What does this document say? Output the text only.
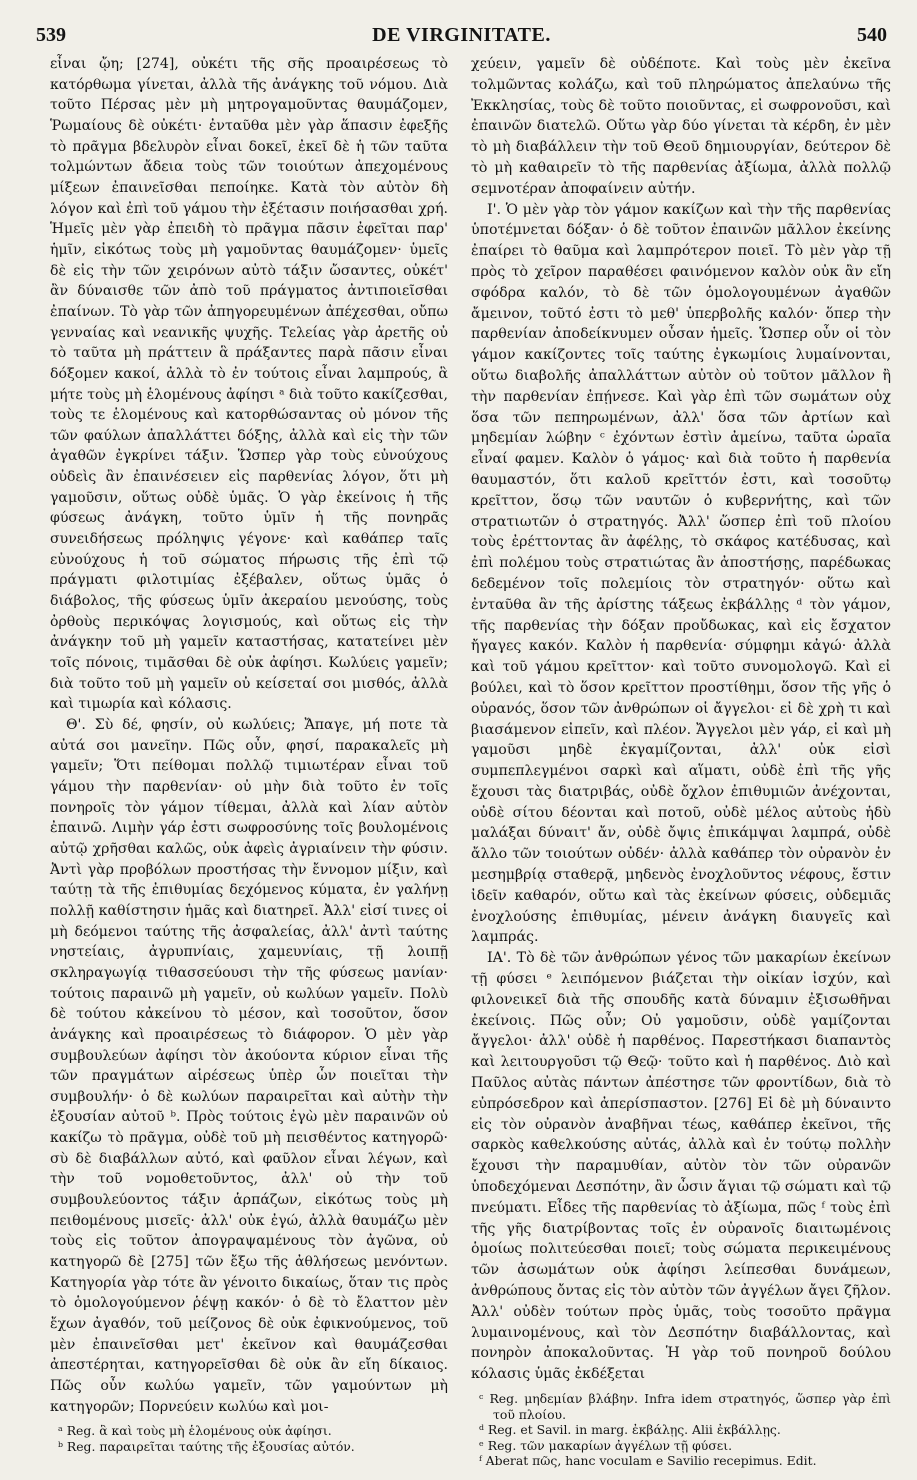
539	DE VIRGINITATE.	540

εἶναι ᾤη; [274], οὐκέτι τῆς σῆς προαιρέσεως τὸ κατόρθωμα γίνεται, ἀλλὰ τῆς ἀνάγκης τοῦ νόμου. Διὰ τοῦτο Πέρσας μὲν μὴ μητρογαμοῦντας θαυμάζομεν, Ῥωμαίους δὲ οὐκέτι· ἐνταῦθα μὲν γὰρ ἅπασιν ἐφεξῆς τὸ πρᾶγμα βδελυρὸν εἶναι δοκεῖ, ἐκεῖ δὲ ἡ τῶν ταῦτα τολμώντων ἄδεια τοὺς τῶν τοιούτων ἀπεχομένους μίξεων ἐπαινεῖσθαι πεποίηκε. Κατὰ τὸν αὐτὸν δὴ λόγον καὶ ἐπὶ τοῦ γάμου τὴν ἐξέτασιν ποιήσασθαι χρή. Ἡμεῖς μὲν γὰρ ἐπειδὴ τὸ πρᾶγμα πᾶσιν ἐφεῖται παρ' ἡμῖν, εἰκότως τοὺς μὴ γαμοῦντας θαυμάζομεν· ὑμεῖς δὲ εἰς τὴν τῶν χειρόνων αὐτὸ τάξιν ὤσαντες, οὐκέτ' ἂν δύναισθε τῶν ἀπὸ τοῦ πράγματος ἀντιποιεῖσθαι ἐπαίνων. Τὸ γὰρ τῶν ἀπηγορευμένων ἀπέχεσθαι, οὔπω γενναίας καὶ νεανικῆς ψυχῆς. Τελείας γὰρ ἀρετῆς οὐ τὸ ταῦτα μὴ πράττειν ἃ πράξαντες παρὰ πᾶσιν εἶναι δόξομεν κακοί, ἀλλὰ τὸ ἐν τούτοις εἶναι λαμπρούς, ἃ μήτε τοὺς μὴ ἑλομένους ἀφίησι ᵃ διὰ τοῦτο κακίζεσθαι, τοὺς τε ἑλομένους καὶ κατορθώσαντας οὐ μόνον τῆς τῶν φαύλων ἀπαλλάττει δόξης, ἀλλὰ καὶ εἰς τὴν τῶν ἀγαθῶν ἐγκρίνει τάξιν. Ὥσπερ γὰρ τοὺς εὐνούχους οὐδεὶς ἂν ἐπαινέσειεν εἰς παρθενίας λόγον, ὅτι μὴ γαμοῦσιν, οὕτως οὐδὲ ὑμᾶς. Ὁ γὰρ ἐκείνοις ἡ τῆς φύσεως ἀνάγκη, τοῦτο ὑμῖν ἡ τῆς πονηρᾶς συνειδήσεως πρόληψις γέγονε· καὶ καθάπερ ταῖς εὐνούχους ἡ τοῦ σώματος πήρωσις τῆς ἐπὶ τῷ πράγματι φιλοτιμίας ἐξέβαλεν, οὕτως ὑμᾶς ὁ διάβολος, τῆς φύσεως ὑμῖν ἀκεραίου μενούσης, τοὺς ὀρθοὺς περικόψας λογισμούς, καὶ οὕτως εἰς τὴν ἀνάγκην τοῦ μὴ γαμεῖν καταστήσας, κατατείνει μὲν τοῖς πόνοις, τιμᾶσθαι δὲ οὐκ ἀφίησι. Κωλύεις γαμεῖν; διὰ τοῦτο τοῦ μὴ γαμεῖν οὐ κείσεταί σοι μισθός, ἀλλὰ καὶ τιμωρία καὶ κόλασις.

Θ'. Σὺ δέ, φησίν, οὐ κωλύεις; Ἄπαγε, μή ποτε τὰ αὐτά σοι μανεῖην. Πῶς οὖν, φησί, παρακαλεῖς μὴ γαμεῖν; Ὅτι πείθομαι πολλῷ τιμιωτέραν εἶναι τοῦ γάμου τὴν παρθενίαν· οὐ μὴν διὰ τοῦτο ἐν τοῖς πονηροῖς τὸν γάμον τίθεμαι, ἀλλὰ καὶ λίαν αὐτὸν ἐπαινῶ. Λιμὴν γάρ ἐστι σωφροσύνης τοῖς βουλομένοις αὐτῷ χρῆσθαι καλῶς, οὐκ ἀφεὶς ἀγριαίνειν τὴν φύσιν. Ἀντὶ γὰρ προβόλων προστήσας τὴν ἔννομον μίξιν, καὶ ταύτῃ τὰ τῆς ἐπιθυμίας δεχόμενος κύματα, ἐν γαλήνῃ πολλῇ καθίστησιν ἡμᾶς καὶ διατηρεῖ. Ἀλλ' εἰσί τινες οἱ μὴ δεόμενοι ταύτης τῆς ἀσφαλείας, ἀλλ' ἀντὶ ταύτης νηστείαις, ἀγρυπνίαις, χαμευνίαις, τῇ λοιπῇ σκληραγωγίᾳ τιθασσεύουσι τὴν τῆς φύσεως μανίαν· τούτοις παραινῶ μὴ γαμεῖν, οὐ κωλύων γαμεῖν. Πολὺ δὲ τούτου κἀκείνου τὸ μέσον, καὶ τοσοῦτον, ὅσον ἀνάγκης καὶ προαιρέσεως τὸ διάφορον. Ὁ μὲν γὰρ συμβουλεύων ἀφίησι τὸν ἀκούοντα κύριον εἶναι τῆς τῶν πραγμάτων αἱρέσεως ὑπὲρ ὧν ποιεῖται τὴν συμβουλήν· ὁ δὲ κωλύων παραιρεῖται καὶ αὐτὴν τὴν ἐξουσίαν αὐτοῦ ᵇ. Πρὸς τούτοις ἐγὼ μὲν παραινῶν οὐ κακίζω τὸ πρᾶγμα, οὐδὲ τοῦ μὴ πεισθέντος κατηγορῶ· σὺ δὲ διαβάλλων αὐτό, καὶ φαῦλον εἶναι λέγων, καὶ τὴν τοῦ νομοθετοῦντος, ἀλλ' οὐ τὴν τοῦ συμβουλεύοντος τάξιν ἁρπάζων, εἰκότως τοὺς μὴ πειθομένους μισεῖς· ἀλλ' οὐκ ἐγώ, ἀλλὰ θαυμάζω μὲν τοὺς εἰς τοῦτον ἀπογραψαμένους τὸν ἀγῶνα, οὐ κατηγορῶ δὲ [275] τῶν ἔξω τῆς ἀθλήσεως μενόντων. Κατηγορία γὰρ τότε ἂν γένοιτο δικαίως, ὅταν τις πρὸς τὸ ὁμολογούμενον ῥέψῃ κακόν· ὁ δὲ τὸ ἔλαττον μὲν ἔχων ἀγαθόν, τοῦ μείζονος δὲ οὐκ ἐφικνούμενος, τοῦ μὲν ἐπαινεῖσθαι μετ' ἐκεῖνον καὶ θαυμάζεσθαι ἀπεστέρηται, κατηγορεῖσθαι δὲ οὐκ ἂν εἴη δίκαιος. Πῶς οὖν κωλύω γαμεῖν, τῶν γαμούντων μὴ κατηγορῶν; Πορνεύειν κωλύω καὶ μοι-

ᵃ Reg. ἃ καὶ τοὺς μὴ ἑλομένους οὐκ ἀφίησι.
ᵇ Reg. παραιρεῖται ταύτης τῆς ἐξουσίας αὐτόν.

χεύειν, γαμεῖν δὲ οὐδέποτε. Καὶ τοὺς μὲν ἐκεῖνα τολμῶντας κολάζω, καὶ τοῦ πληρώματος ἀπελαύνω τῆς Ἐκκλησίας, τοὺς δὲ τοῦτο ποιοῦντας, εἰ σωφρονοῦσι, καὶ ἐπαινῶν διατελῶ. Οὕτω γὰρ δύο γίνεται τὰ κέρδη, ἐν μὲν τὸ μὴ διαβάλλειν τὴν τοῦ Θεοῦ δημιουργίαν, δεύτερον δὲ τὸ μὴ καθαιρεῖν τὸ τῆς παρθενίας ἀξίωμα, ἀλλὰ πολλῷ σεμνοτέραν ἀποφαίνειν αὐτήν.

Ι'. Ὁ μὲν γὰρ τὸν γάμον κακίζων καὶ τὴν τῆς παρθενίας ὑποτέμνεται δόξαν· ὁ δὲ τοῦτον ἐπαινῶν μᾶλλον ἐκείνης ἐπαίρει τὸ θαῦμα καὶ λαμπρότερον ποιεῖ. Τὸ μὲν γὰρ τῇ πρὸς τὸ χεῖρον παραθέσει φαινόμενον καλὸν οὐκ ἂν εἴη σφόδρα καλόν, τὸ δὲ τῶν ὁμολογουμένων ἀγαθῶν ἄμεινον, τοῦτό ἐστι τὸ μεθ' ὑπερβολῆς καλόν· ὅπερ τὴν παρθενίαν ἀποδείκνυμεν οὖσαν ἡμεῖς. Ὥσπερ οὖν οἱ τὸν γάμον κακίζοντες τοῖς ταύτης ἐγκωμίοις λυμαίνονται, οὕτω διαβολῆς ἀπαλλάττων αὐτὸν οὐ τοῦτον μᾶλλον ἢ τὴν παρθενίαν ἐπῄνεσε. Καὶ γὰρ ἐπὶ τῶν σωμάτων οὐχ ὅσα τῶν πεπηρωμένων, ἀλλ' ὅσα τῶν ἀρτίων καὶ μηδεμίαν λώβην ᶜ ἐχόντων ἐστὶν ἀμείνω, ταῦτα ὡραῖα εἶναί φαμεν. Καλὸν ὁ γάμος· καὶ διὰ τοῦτο ἡ παρθενία θαυμαστόν, ὅτι καλοῦ κρεῖττόν ἐστι, καὶ τοσοῦτῳ κρεῖττον, ὅσῳ τῶν ναυτῶν ὁ κυβερνήτης, καὶ τῶν στρατιωτῶν ὁ στρατηγός. Ἀλλ' ὥσπερ ἐπὶ τοῦ πλοίου τοὺς ἐρέττοντας ἂν ἀφέλῃς, τὸ σκάφος κατέδυσας, καὶ ἐπὶ πολέμου τοὺς στρατιώτας ἂν ἀποστήσῃς, παρέδωκας δεδεμένον τοῖς πολεμίοις τὸν στρατηγόν· οὕτω καὶ ἐνταῦθα ἂν τῆς ἀρίστης τάξεως ἐκβάλλῃς ᵈ τὸν γάμον, τῆς παρθενίας τὴν δόξαν προὔδωκας, καὶ εἰς ἔσχατον ἤγαγες κακόν. Καλὸν ἡ παρθενία· σύμφημι κἀγώ· ἀλλὰ καὶ τοῦ γάμου κρεῖττον· καὶ τοῦτο συνομολογῶ. Καὶ εἰ βούλει, καὶ τὸ ὅσον κρεῖττον προστίθημι, ὅσον τῆς γῆς ὁ οὐρανός, ὅσον τῶν ἀνθρώπων οἱ ἄγγελοι· εἰ δὲ χρὴ τι καὶ βιασάμενον εἰπεῖν, καὶ πλέον. Ἄγγελοι μὲν γάρ, εἰ καὶ μὴ γαμοῦσι μηδὲ ἐκγαμίζονται, ἀλλ' οὐκ εἰσὶ συμπεπλεγμένοι σαρκὶ καὶ αἵματι, οὐδὲ ἐπὶ τῆς γῆς ἔχουσι τὰς διατριβάς, οὐδὲ ὄχλον ἐπιθυμιῶν ἀνέχονται, οὐδὲ σίτου δέονται καὶ ποτοῦ, οὐδὲ μέλος αὐτοὺς ἡδὺ μαλάξαι δύναιτ' ἄν, οὐδὲ ὄψις ἐπικάμψαι λαμπρά, οὐδὲ ἄλλο τῶν τοιούτων οὐδέν· ἀλλὰ καθάπερ τὸν οὐρανὸν ἐν μεσημβρίᾳ σταθερᾷ, μηδενὸς ἐνοχλοῦντος νέφους, ἔστιν ἰδεῖν καθαρόν, οὕτω καὶ τὰς ἐκείνων φύσεις, οὐδεμιᾶς ἐνοχλούσης ἐπιθυμίας, μένειν ἀνάγκη διαυγεῖς καὶ λαμπράς.

ΙΑ'. Τὸ δὲ τῶν ἀνθρώπων γένος τῶν μακαρίων ἐκείνων τῇ φύσει ᵉ λειπόμενον βιάζεται τὴν οἰκίαν ἰσχύν, καὶ φιλονεικεῖ διὰ τῆς σπουδῆς κατὰ δύναμιν ἐξισωθῆναι ἐκείνοις. Πῶς οὖν; Οὐ γαμοῦσιν, οὐδὲ γαμίζονται ἄγγελοι· ἀλλ' οὐδὲ ἡ παρθένος. Παρεστήκασι διαπαντὸς καὶ λειτουργοῦσι τῷ Θεῷ· τοῦτο καὶ ἡ παρθένος. Διὸ καὶ Παῦλος αὐτὰς πάντων ἀπέστησε τῶν φροντίδων, διὰ τὸ εὐπρόσεδρον καὶ ἀπερίσπαστον. [276] Εἰ δὲ μὴ δύναιντο εἰς τὸν οὐρανὸν ἀναβῆναι τέως, καθάπερ ἐκεῖνοι, τῆς σαρκὸς καθελκούσης αὐτάς, ἀλλὰ καὶ ἐν τούτῳ πολλὴν ἔχουσι τὴν παραμυθίαν, αὐτὸν τὸν τῶν οὐρανῶν ὑποδεχόμεναι Δεσπότην, ἂν ὦσιν ἅγιαι τῷ σώματι καὶ τῷ πνεύματι. Εἶδες τῆς παρθενίας τὸ ἀξίωμα, πῶς ᶠ τοὺς ἐπὶ τῆς γῆς διατρίβοντας τοῖς ἐν οὐρανοῖς διαιτωμένοις ὁμοίως πολιτεύεσθαι ποιεῖ; τοὺς σώματα περικειμένους τῶν ἀσωμάτων οὐκ ἀφίησι λείπεσθαι δυνάμεων, ἀνθρώπους ὄντας εἰς τὸν αὐτὸν τῶν ἀγγέλων ἄγει ζῆλον. Ἀλλ' οὐδὲν τούτων πρὸς ὑμᾶς, τοὺς τοσοῦτο πρᾶγμα λυμαινομένους, καὶ τὸν Δεσπότην διαβάλλοντας, καὶ πονηρὸν ἀποκαλοῦντας. Ἡ γὰρ τοῦ πονηροῦ δούλου κόλασις ὑμᾶς ἐκδέξεται

ᶜ Reg. μηδεμίαν βλάβην. Infra idem στρατηγός, ὥσπερ γὰρ ἐπὶ τοῦ πλοίου.
ᵈ Reg. et Savil. in marg. ἐκβάλῃς. Alii ἐκβάλλῃς.
ᵉ Reg. τῶν μακαρίων ἀγγέλων τῇ φύσει.
ᶠ Aberat πῶς, hanc voculam e Savilio recepimus. Edit.
